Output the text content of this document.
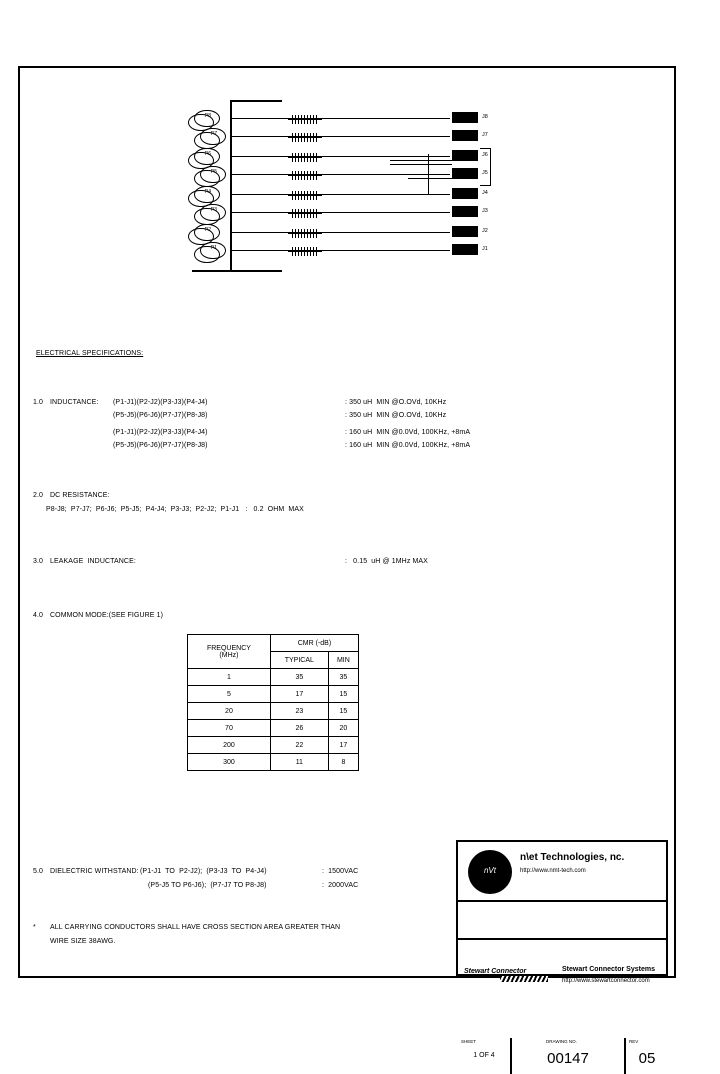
P8
P7
P6
P5
P4
P3
P2
P1
J8
J7
J6
J5
J4
J3
J2
J1
ELECTRICAL SPECIFICATIONS:
1.0 INDUCTANCE: (P1-J1)(P2-J2)(P3-J3)(P4-J4)	: 350 uH  MIN @O.OVd, 10KHz
(P5-J5)(P6-J6)(P7-J7)(P8-J8)	: 350 uH  MIN @O.OVd, 10KHz
(P1-J1)(P2-J2)(P3-J3)(P4-J4)	: 160 uH  MIN @0.0Vd, 100KHz, +8mA
(P5-J5)(P6-J6)(P7-J7)(P8-J8)	: 160 uH  MIN @0.0Vd, 100KHz, +8mA
2.0 DC RESISTANCE:
P8-J8;  P7-J7;  P6-J6;  P5-J5;  P4-J4;  P3-J3;  P2-J2;  P1-J1   :   0.2  OHM  MAX
3.0 LEAKAGE  INDUCTANCE:	:   0.15  uH @ 1MHz MAX
4.0 COMMON MODE:(SEE FIGURE 1)
FREQUENCY
(MHz)	CMR (-dB)	
	TYPICAL	MIN
1	35	35
5	17	15
20	23	15
70	26	20
200	22	17
300	11	8
5.0 DIELECTRIC WITHSTAND: (P1-J1  TO  P2-J2);  (P3-J3  TO  P4-J4)	:  1500VAC
(P5-J5 TO P6-J6);  (P7-J7 TO P8-J8)	:  2000VAC
* ALL CARRYING CONDUCTORS SHALL HAVE CROSS SECTION AREA GREATER THAN
WIRE SIZE 38AWG.
nVt
n\et Technologies, nc.
http://www.nmt-tech.com
Stewart Connector	Stewart Connector Systems
http://www.stewartconnector.com
SHEET
1 OF 4
DRAWING NO.
00147
REV
05
